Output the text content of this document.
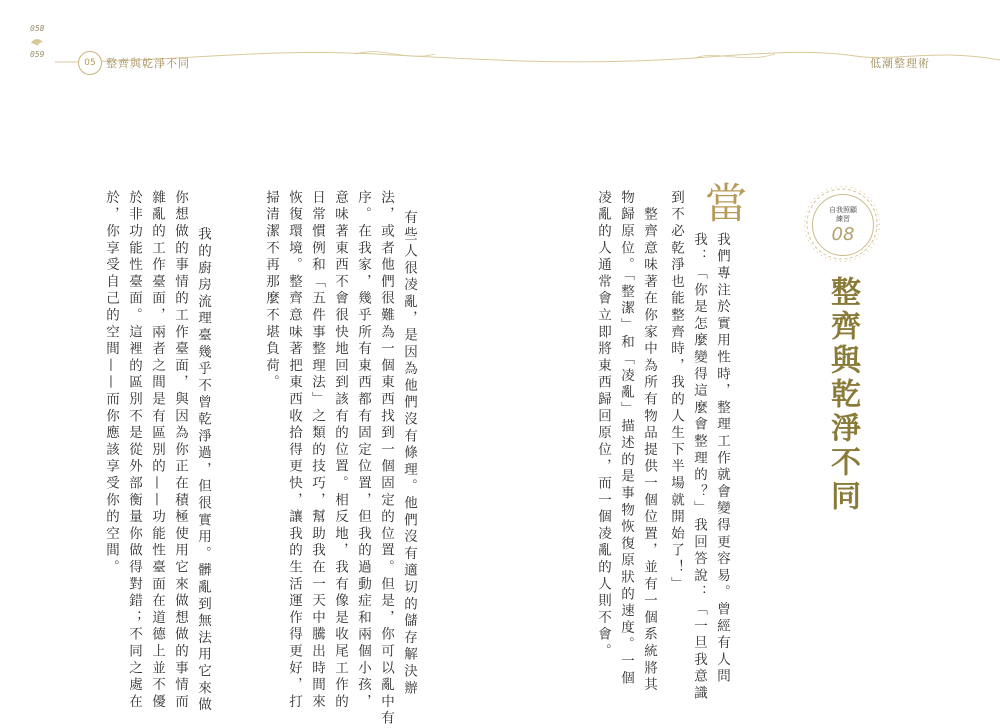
058
059
05 整齊與乾淨不同	低潮整理術
自我照顧
練習
08
整齊與乾淨不同
當
我們專注於實用性時，整理工作就會變得更容易。曾經有人問
我：「你是怎麼變得這麼會整理的？」我回答說：「一旦我意識
到不必乾淨也能整齊時，我的人生下半場就開始了！」
　整齊意味著在你家中為所有物品提供一個位置，並有一個系統將其
物歸原位。「整潔」和「凌亂」描述的是事物恢復原狀的速度。一個
凌亂的人通常會立即將東西歸回原位，而一個凌亂的人則不會。
有些人很凌亂，是因為他們沒有條理。他們沒有適切的儲存解決辦
法，或者他們很難為一個東西找到一個固定的位置。但是，你可以亂中有
序。在我家，幾乎所有東西都有固定位置，但我的過動症和兩個小孩，
意味著東西不會很快地回到該有的位置。相反地，我有像是收尾工作的
日常慣例和「五件事整理法」之類的技巧，幫助我在一天中騰出時間來
恢復環境。整齊意味著把東西收拾得更快，讓我的生活運作得更好，打
掃清潔不再那麼不堪負荷。
　我的廚房流理臺幾乎不曾乾淨過，但很實用。髒亂到無法用它來做
你想做的事情的工作臺面，與因為你正在積極使用它來做想做的事情而
雜亂的工作臺面，兩者之間是有區別的——功能性臺面在道德上並不優
於非功能性臺面。這裡的區別不是從外部衡量你做得對錯；不同之處在
於，你享受自己的空間——而你應該享受你的空間。
